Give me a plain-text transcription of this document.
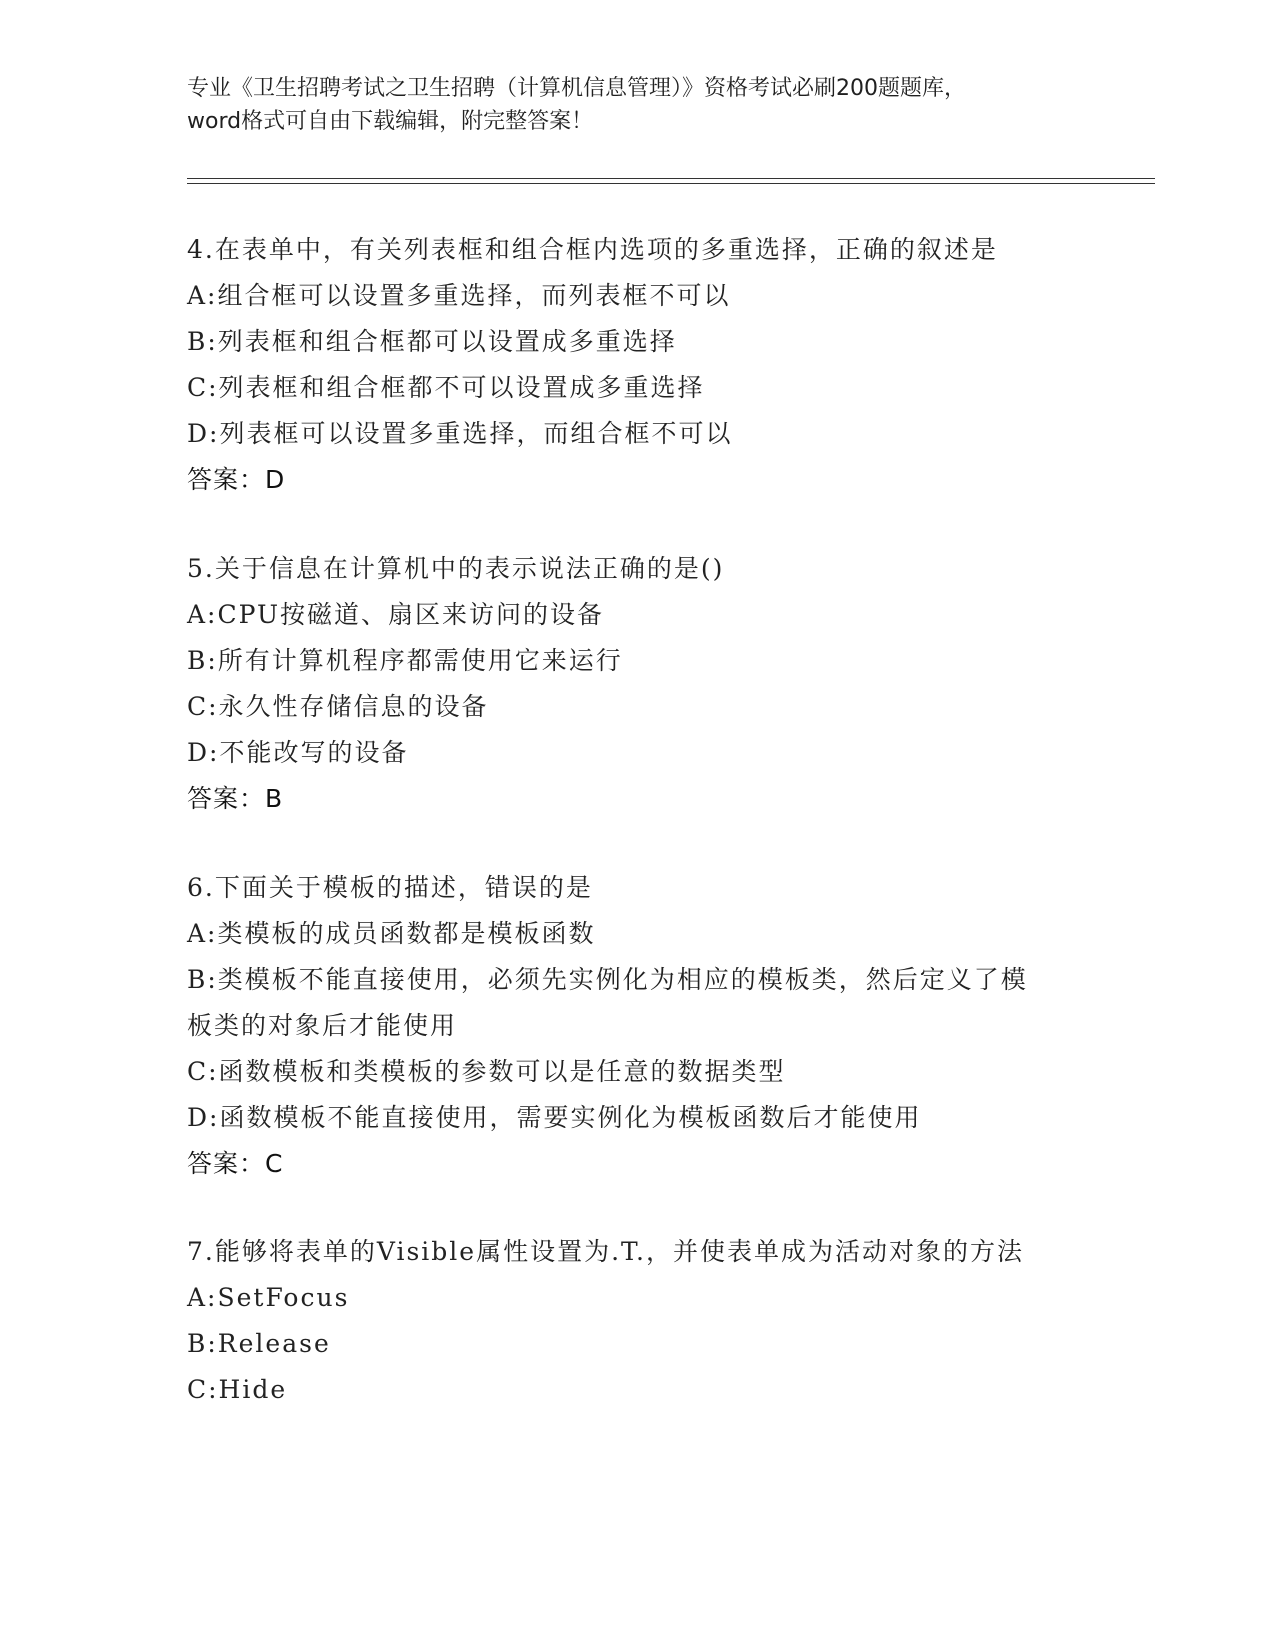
专业《卫生招聘考试之卫生招聘（计算机信息管理）》资格考试必刷200题题库，
word格式可自由下载编辑，附完整答案！
4.在表单中，有关列表框和组合框内选项的多重选择，正确的叙述是
A:组合框可以设置多重选择，而列表框不可以
B:列表框和组合框都可以设置成多重选择
C:列表框和组合框都不可以设置成多重选择
D:列表框可以设置多重选择，而组合框不可以
答案：D
5.关于信息在计算机中的表示说法正确的是()
A:CPU按磁道、扇区来访问的设备
B:所有计算机程序都需使用它来运行
C:永久性存储信息的设备
D:不能改写的设备
答案：B
6.下面关于模板的描述，错误的是
A:类模板的成员函数都是模板函数
B:类模板不能直接使用，必须先实例化为相应的模板类，然后定义了模板类的对象后才能使用
C:函数模板和类模板的参数可以是任意的数据类型
D:函数模板不能直接使用，需要实例化为模板函数后才能使用
答案：C
7.能够将表单的Visible属性设置为.T.，并使表单成为活动对象的方法
A:SetFocus
B:Release
C:Hide
